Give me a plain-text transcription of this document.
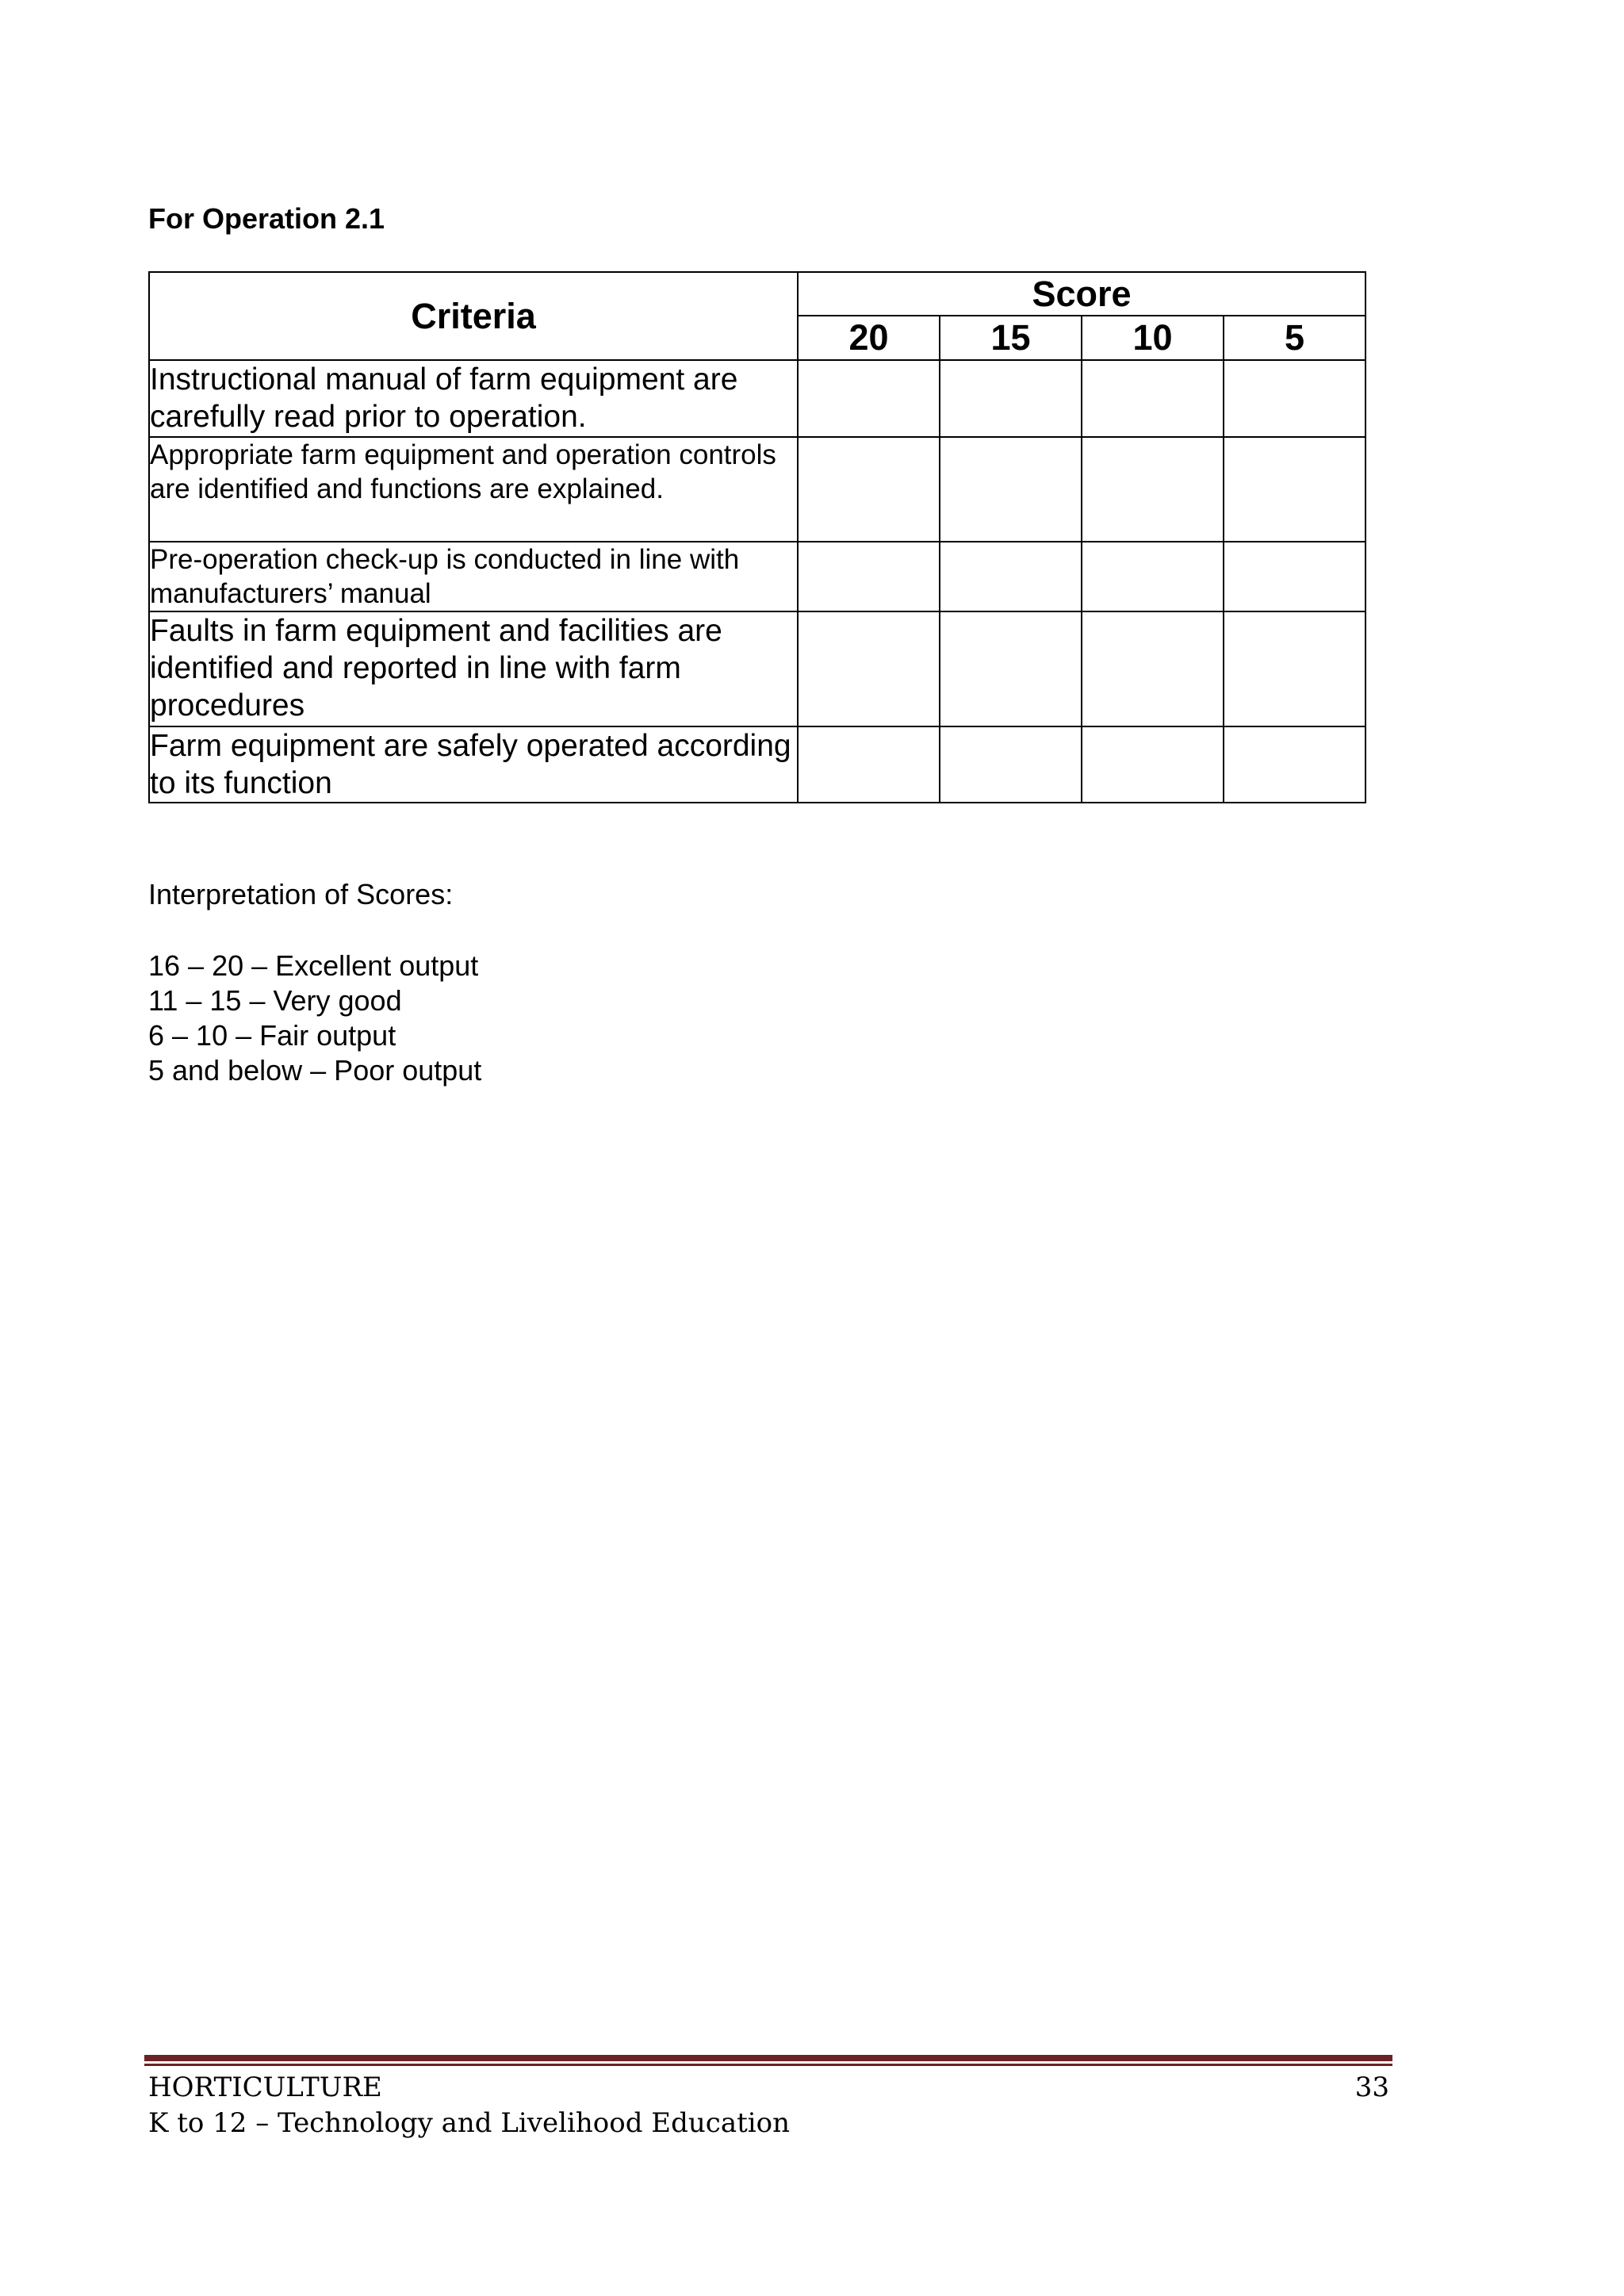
For Operation 2.1
Criteria	Score			
	20	15	10	5
Instructional manual of farm equipment are carefully read prior to operation.				
Appropriate farm equipment and operation controls are identified and functions are explained.				
Pre-operation check-up is conducted in line with manufacturers’ manual				
Faults in farm equipment and facilities are identified and reported in line with farm procedures				
Farm equipment are safely operated according to its function				
Interpretation of Scores:
16 – 20 – Excellent output
11 – 15 – Very good
6 – 10 – Fair output
5 and below – Poor output
HORTICULTURE
K to 12 – Technology and Livelihood Education
33
